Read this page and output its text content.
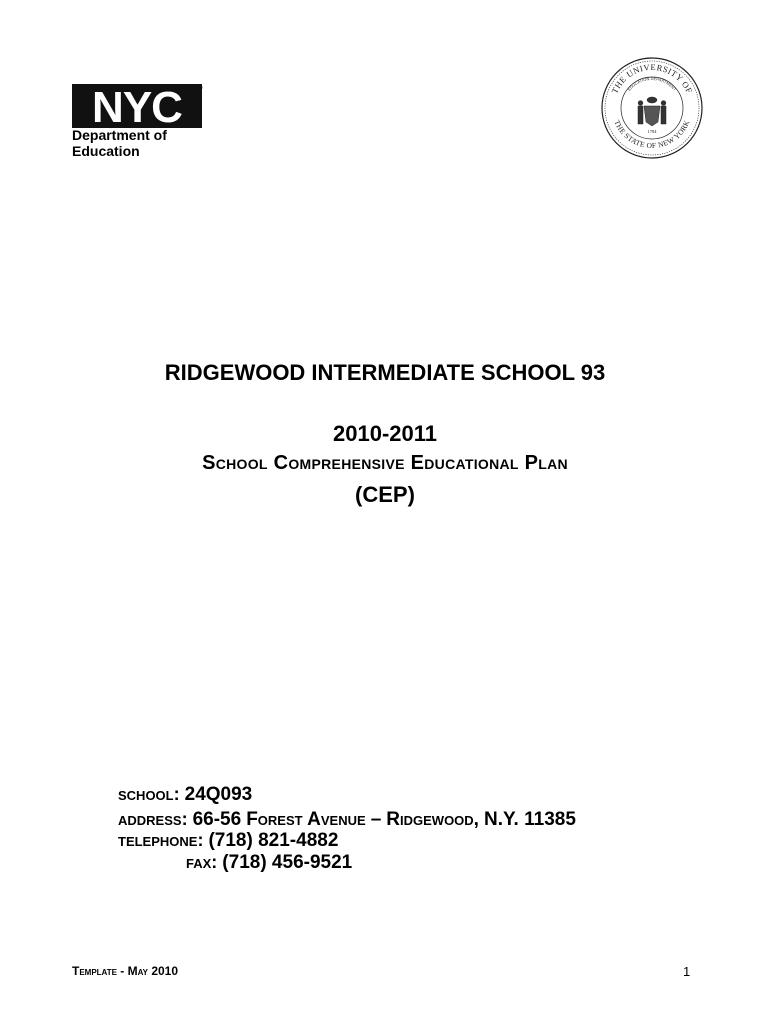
NYC	™
Department of
Education
THE UNIVERSITY OF
THE STATE OF NEW YORK
EDUCATION DEPARTMENT
1784
RIDGEWOOD INTERMEDIATE SCHOOL 93
2010-2011
School Comprehensive Educational Plan
(CEP)
school: 24Q093
address: 66-56 Forest Avenue – Ridgewood, N.Y. 11385
telephone: (718) 821-4882
fax: (718) 456-9521
Template - May 2010	1
